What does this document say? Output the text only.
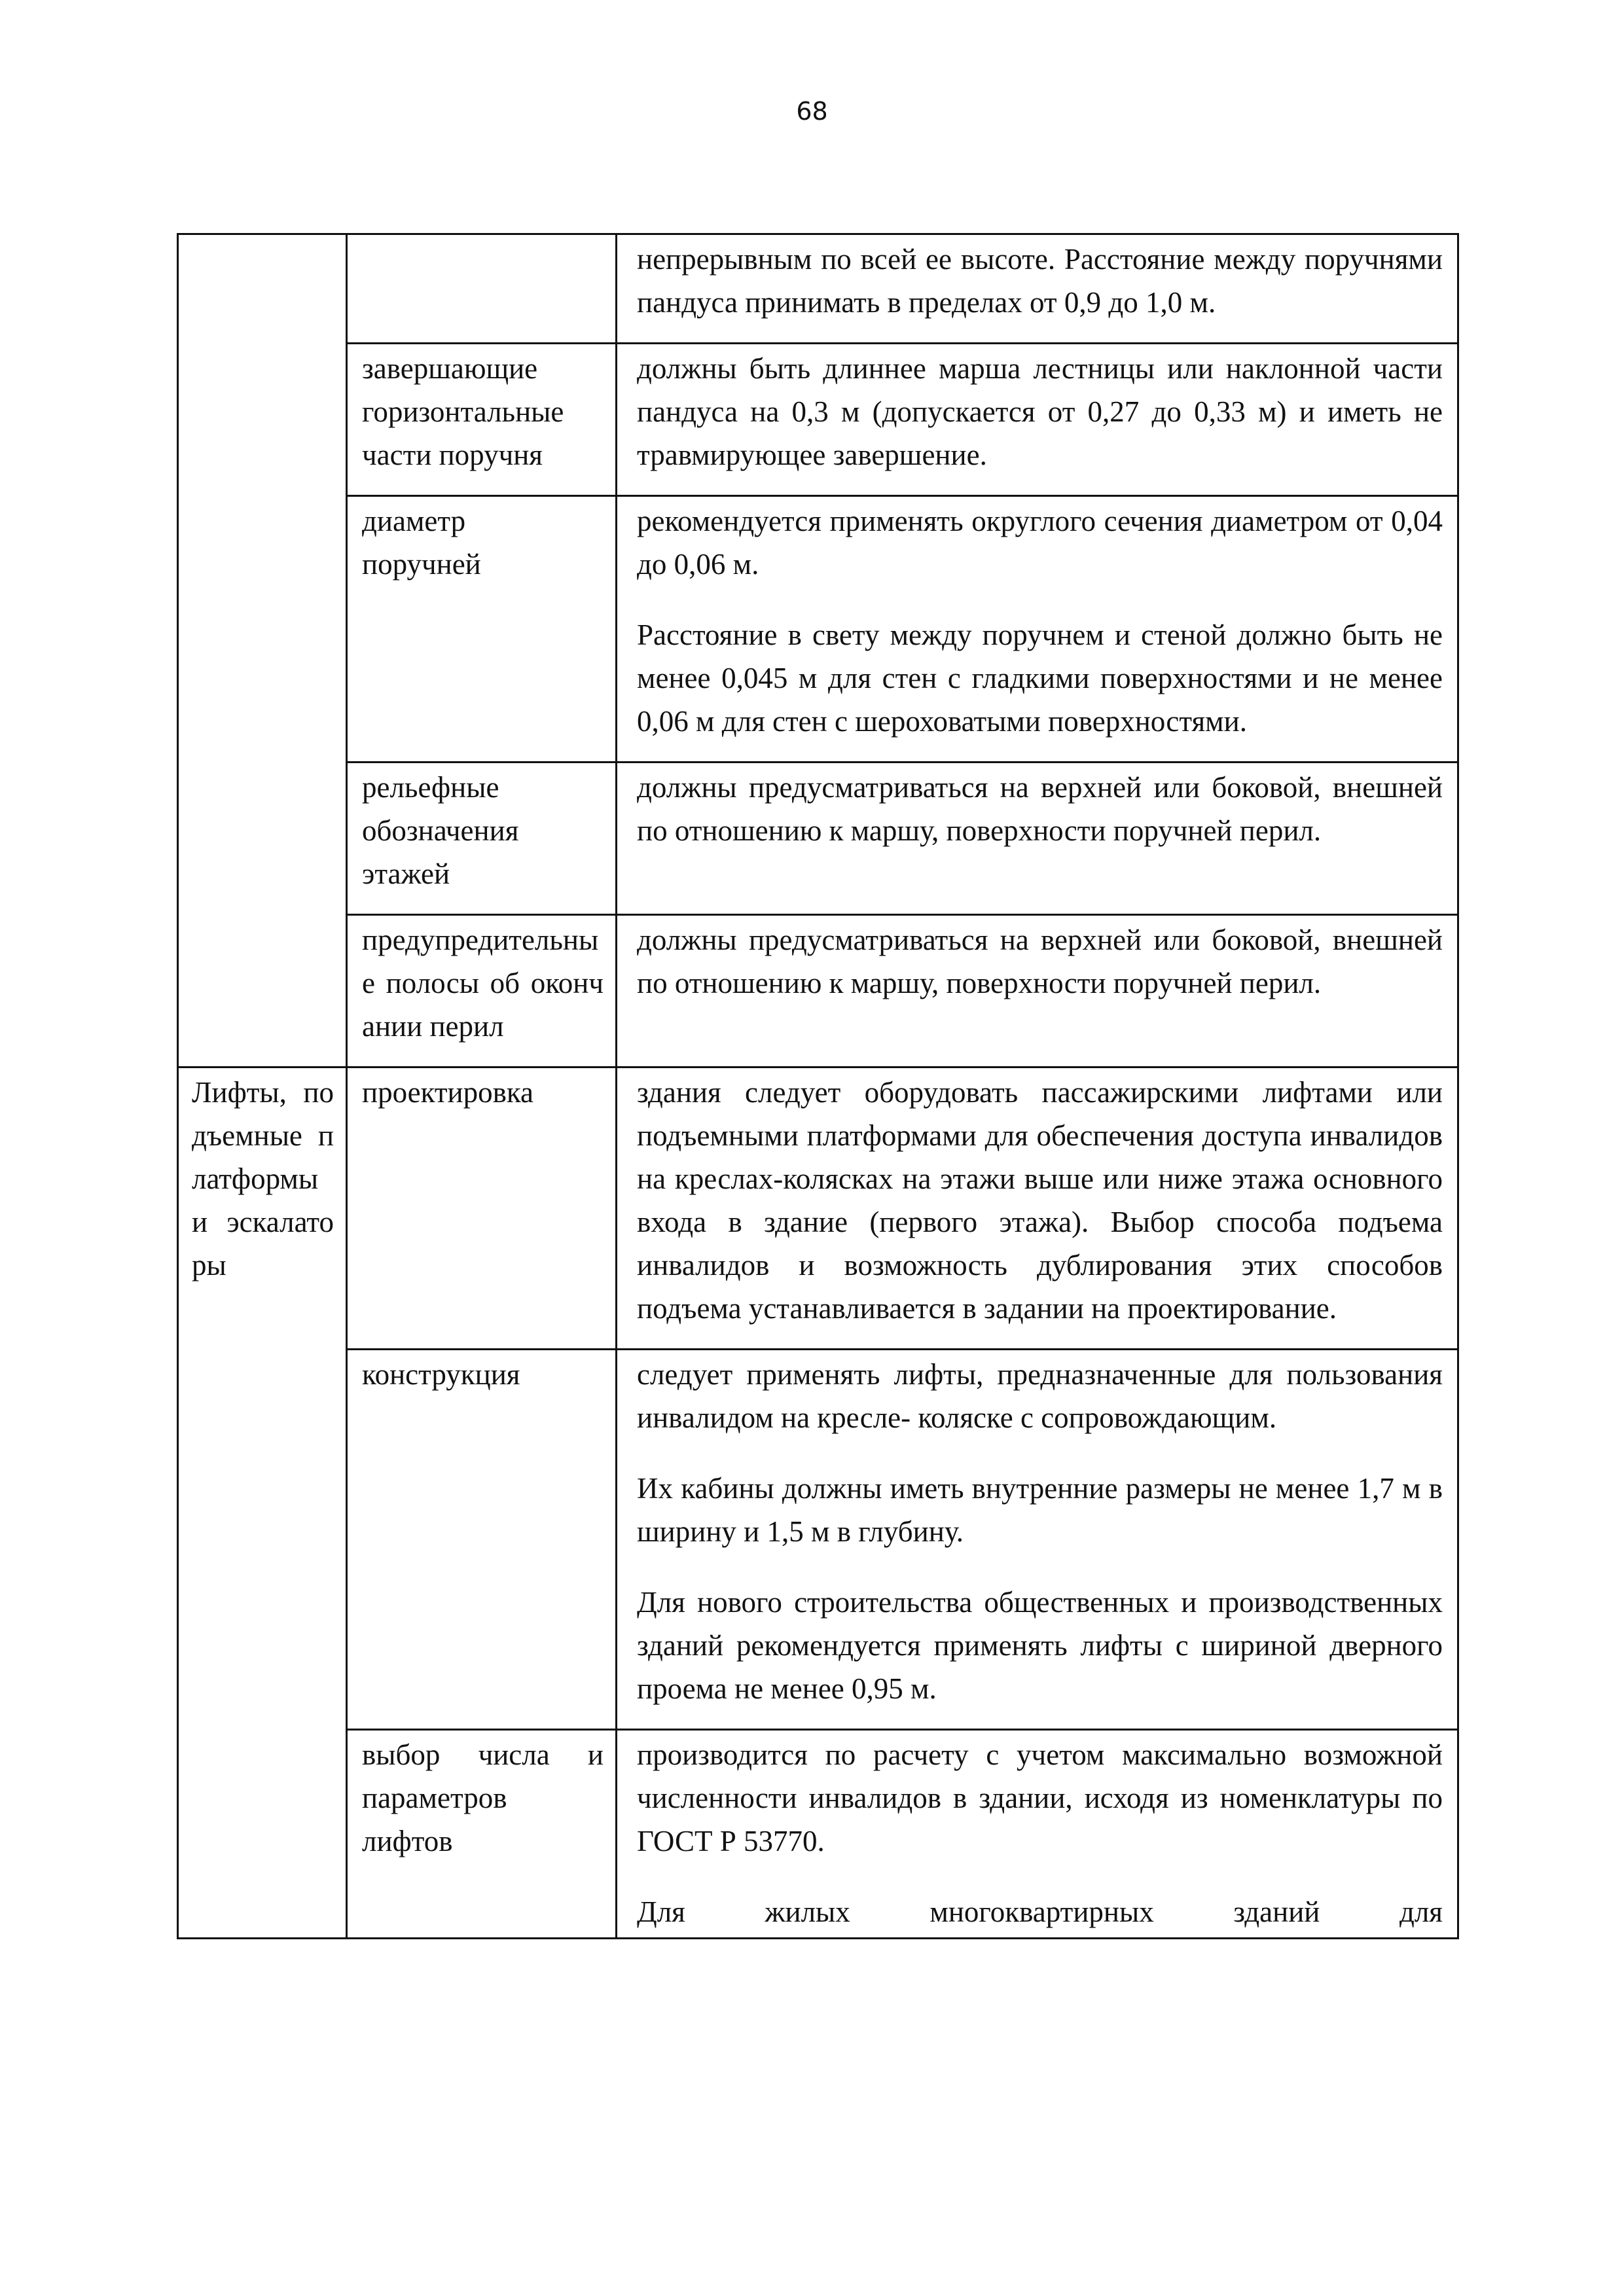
68

		непрерывным по всей ее высоте. Расстояние между поручнями пандуса принимать в пределах от 0,9 до 1,0 м.

	завершающие горизонтальные части поручня	должны быть длиннее марша лестницы или наклонной части пандуса на 0,3 м (допускается от 0,27 до 0,33 м) и иметь не травмирующее завершение.

	диаметр поручней	рекомендуется применять округлого сечения диаметром от 0,04 до 0,06 м.

Расстояние в свету между поручнем и стеной должно быть не менее 0,045 м для стен с гладкими поверхностями и не менее 0,06 м для стен с шероховатыми поверхностями.

	рельефные обозначения этажей	должны предусматриваться на верхней или боковой, внешней по отношению к маршу, поверхности поручней перил.

	предупредительные полосы об окончании перил	должны предусматриваться на верхней или боковой, внешней по отношению к маршу, поверхности поручней перил.

Лифты, подъемные платформы и эскалаторы	проектировка	здания следует оборудовать пассажирскими лифтами или подъемными платформами для обеспечения доступа инвалидов на креслах-колясках на этажи выше или ниже этажа основного входа в здание (первого этажа). Выбор способа подъема инвалидов и возможность дублирования этих способов подъема устанавливается в задании на проектирование.

	конструкция	следует применять лифты, предназначенные для пользования инвалидом на кресле- коляске с сопровождающим.

Их кабины должны иметь внутренние размеры не менее 1,7 м в ширину и 1,5 м в глубину.

Для нового строительства общественных и производственных зданий рекомендуется применять лифты с шириной дверного проема не менее 0,95 м.

	выбор числа и параметров лифтов	производится по расчету с учетом максимально возможной численности инвалидов в здании, исходя из номенклатуры по ГОСТ Р 53770.

Для жилых многоквартирных зданий для
